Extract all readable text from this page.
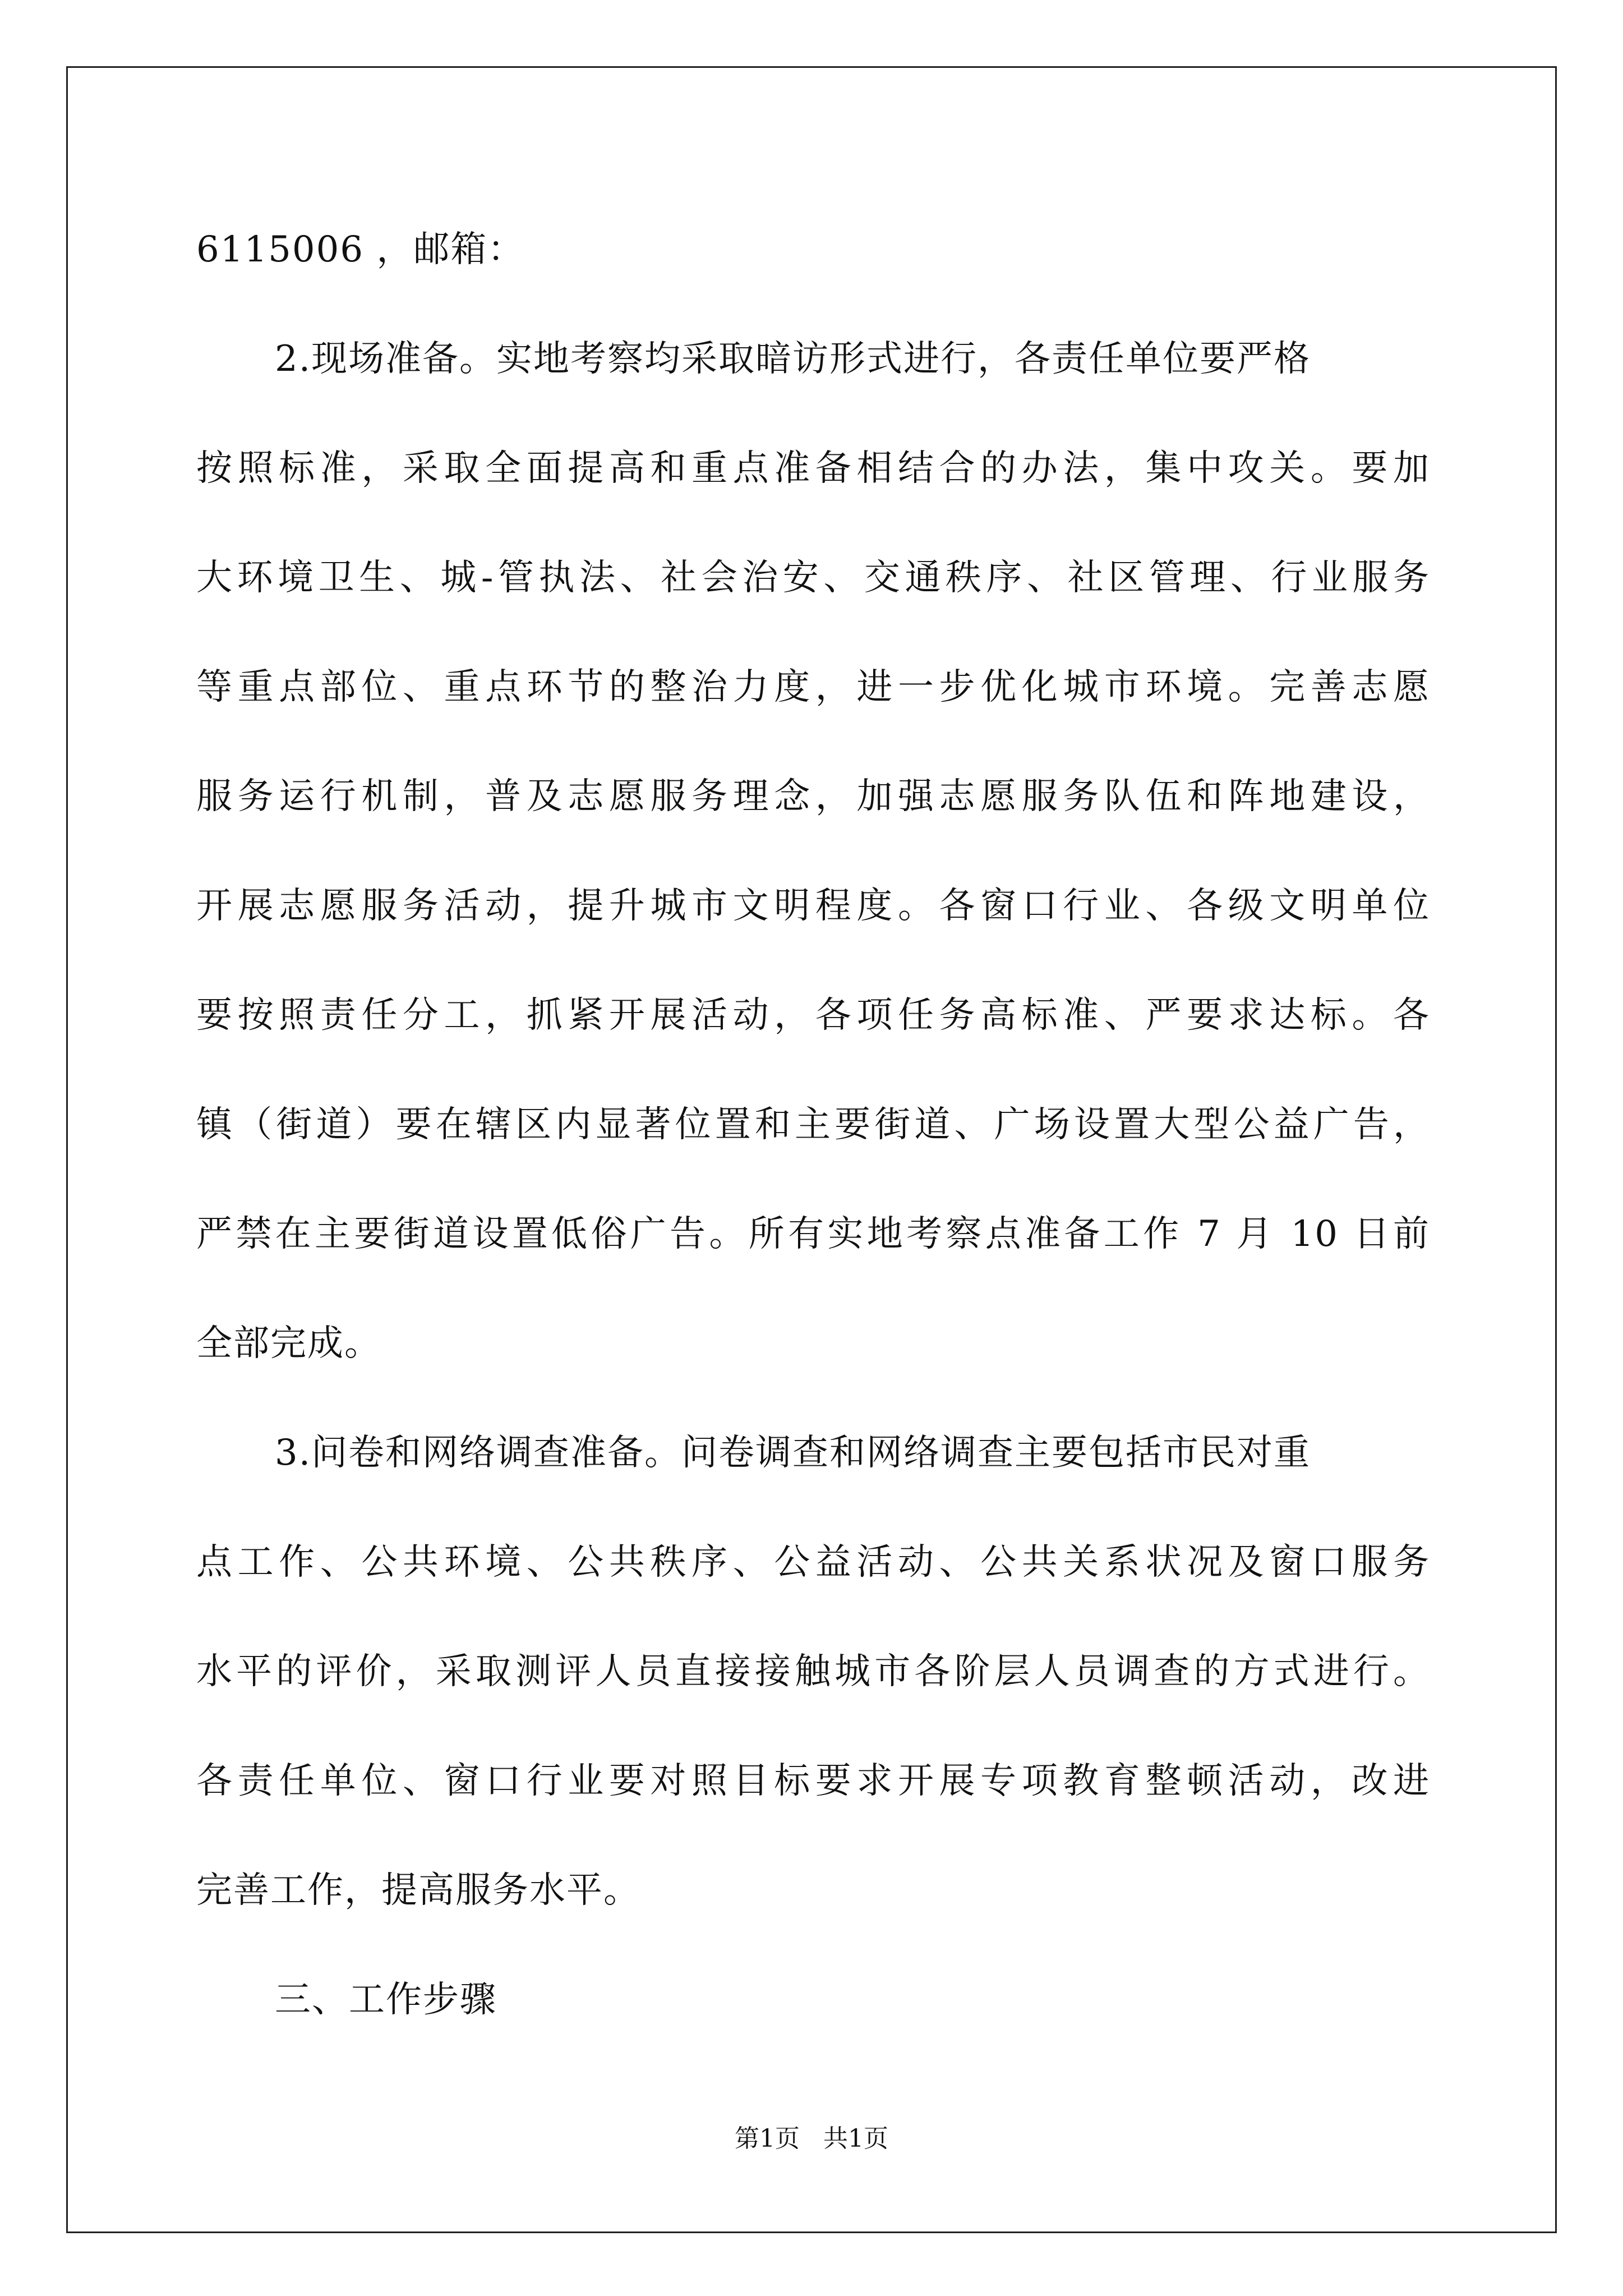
6115006 ，邮箱：
2.现场准备。实地考察均采取暗访形式进行，各责任单位要严格
按照标准，采取全面提高和重点准备相结合的办法，集中攻关。要加
大环境卫生、城-管执法、社会治安、交通秩序、社区管理、行业服务
等重点部位、重点环节的整治力度，进一步优化城市环境。完善志愿
服务运行机制，普及志愿服务理念，加强志愿服务队伍和阵地建设，
开展志愿服务活动，提升城市文明程度。各窗口行业、各级文明单位
要按照责任分工，抓紧开展活动，各项任务高标准、严要求达标。各
镇（街道）要在辖区内显著位置和主要街道、广场设置大型公益广告，
严禁在主要街道设置低俗广告。所有实地考察点准备工作 7 月 10 日前
全部完成。
3.问卷和网络调查准备。问卷调查和网络调查主要包括市民对重
点工作、公共环境、公共秩序、公益活动、公共关系状况及窗口服务
水平的评价，采取测评人员直接接触城市各阶层人员调查的方式进行。
各责任单位、窗口行业要对照目标要求开展专项教育整顿活动，改进
完善工作，提高服务水平。
三、工作步骤
第1页   共1页
